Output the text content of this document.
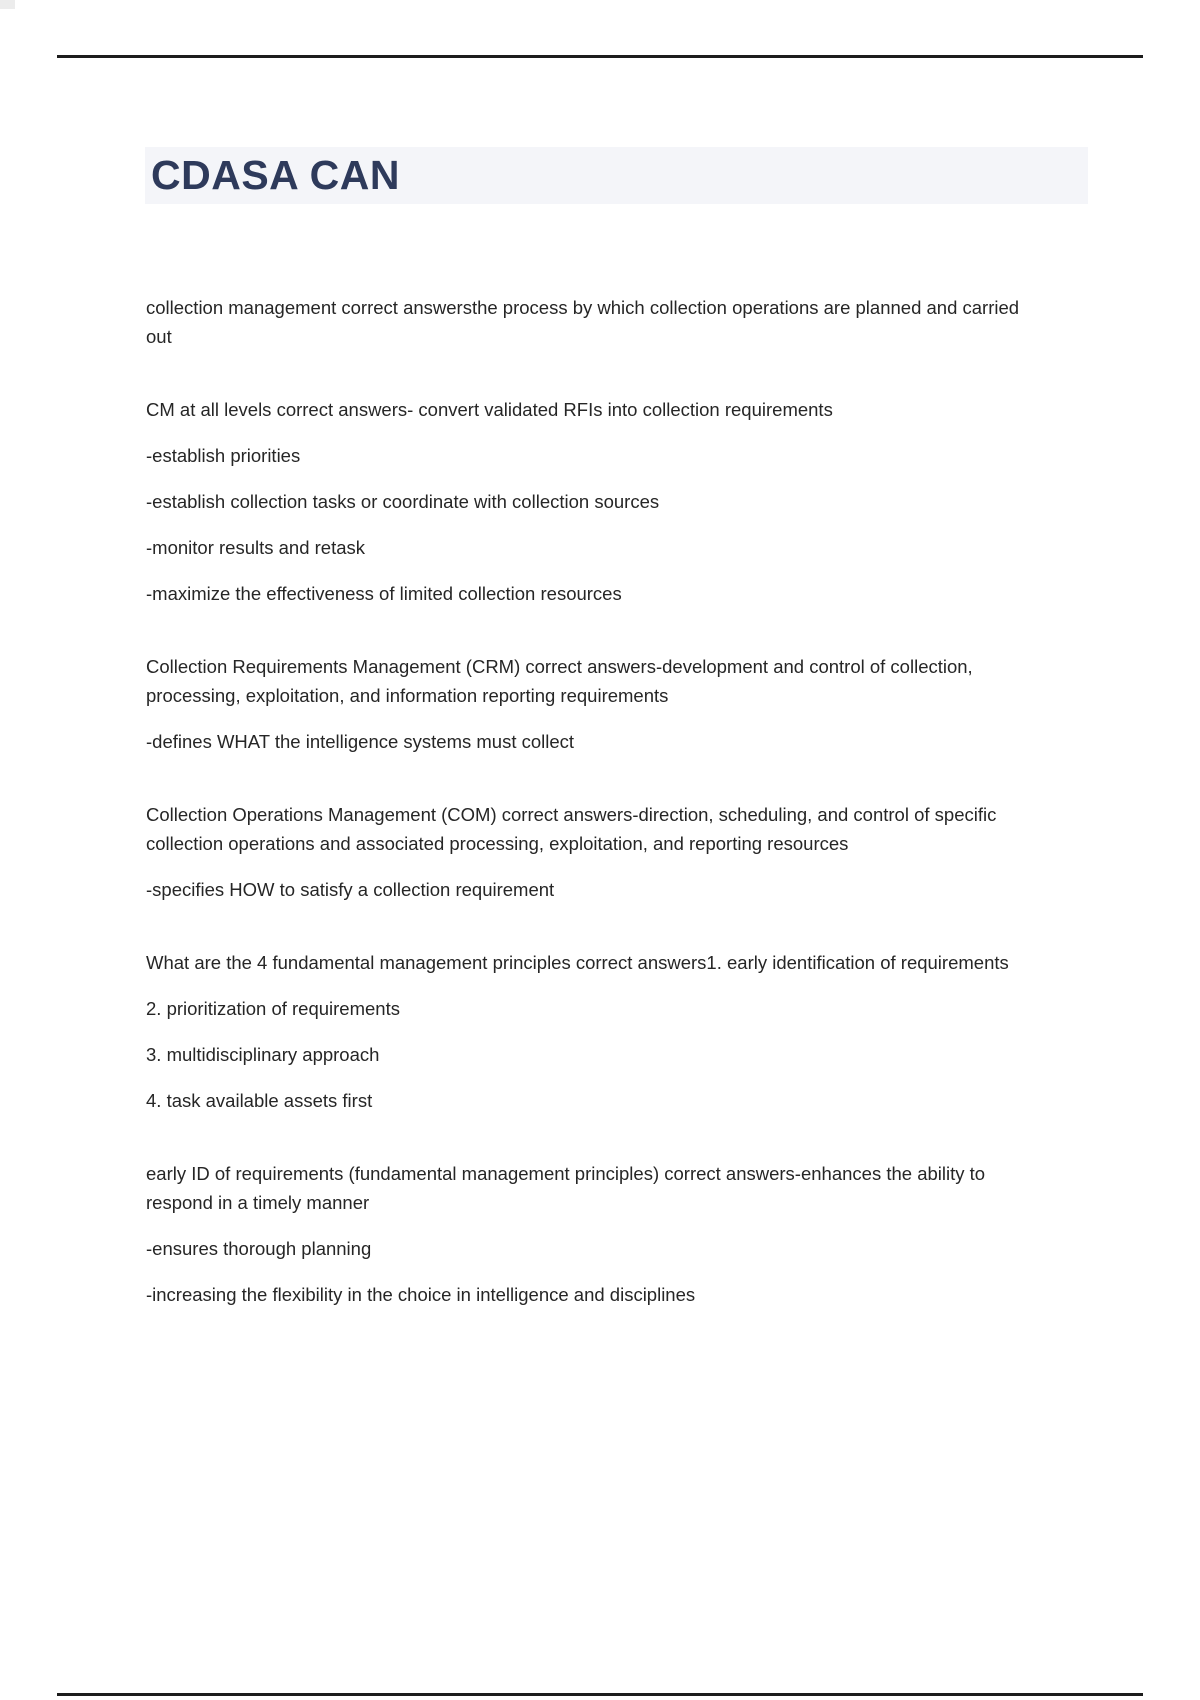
CDASA CAN

collection management correct answersthe process by which collection operations are planned and carried out

CM at all levels correct answers- convert validated RFIs into collection requirements

-establish priorities

-establish collection tasks or coordinate with collection sources

-monitor results and retask

-maximize the effectiveness of limited collection resources

Collection Requirements Management (CRM) correct answers-development and control of collection, processing, exploitation, and information reporting requirements

-defines WHAT the intelligence systems must collect

Collection Operations Management (COM) correct answers-direction, scheduling, and control of specific collection operations and associated processing, exploitation, and reporting resources

-specifies HOW to satisfy a collection requirement

What are the 4 fundamental management principles correct answers1. early identification of requirements

2. prioritization of requirements

3. multidisciplinary approach

4. task available assets first

early ID of requirements (fundamental management principles) correct answers-enhances the ability to respond in a timely manner

-ensures thorough planning

-increasing the flexibility in the choice in intelligence and disciplines
